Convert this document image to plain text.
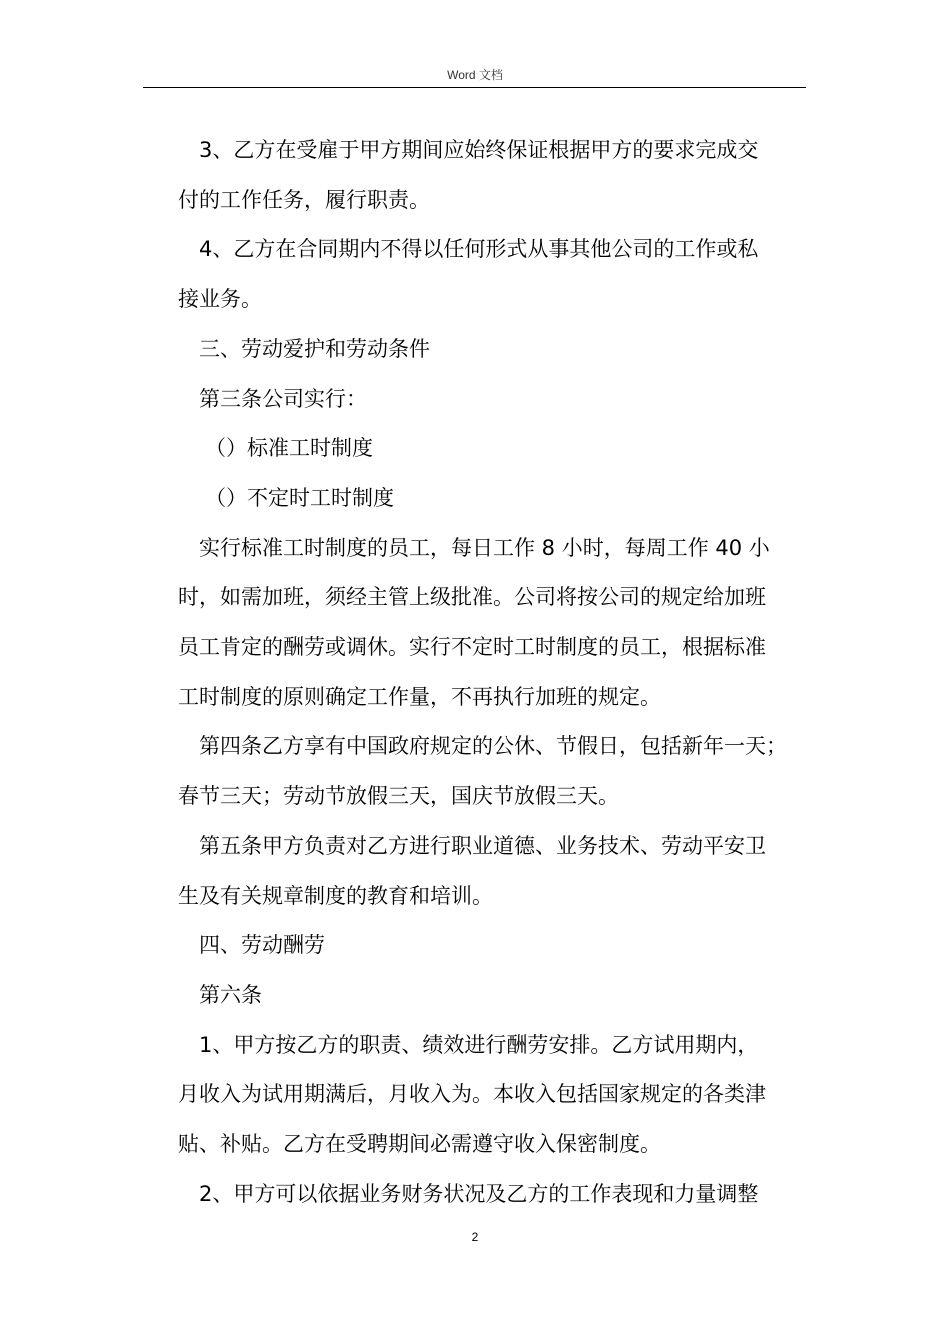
Word 文档

3、乙方在受雇于甲方期间应始终保证根据甲方的要求完成交

付的工作任务，履行职责。

4、乙方在合同期内不得以任何形式从事其他公司的工作或私

接业务。

三、劳动爱护和劳动条件

第三条公司实行：

（）标准工时制度

（）不定时工时制度

实行标准工时制度的员工，每日工作 8 小时，每周工作 40 小

时，如需加班，须经主管上级批准。公司将按公司的规定给加班

员工肯定的酬劳或调休。实行不定时工时制度的员工，根据标准

工时制度的原则确定工作量，不再执行加班的规定。

第四条乙方享有中国政府规定的公休、节假日，包括新年一天；

春节三天；劳动节放假三天，国庆节放假三天。

第五条甲方负责对乙方进行职业道德、业务技术、劳动平安卫

生及有关规章制度的教育和培训。

四、劳动酬劳

第六条

1、甲方按乙方的职责、绩效进行酬劳安排。乙方试用期内，

月收入为试用期满后，月收入为。本收入包括国家规定的各类津

贴、补贴。乙方在受聘期间必需遵守收入保密制度。

2、甲方可以依据业务财务状况及乙方的工作表现和力量调整

2
